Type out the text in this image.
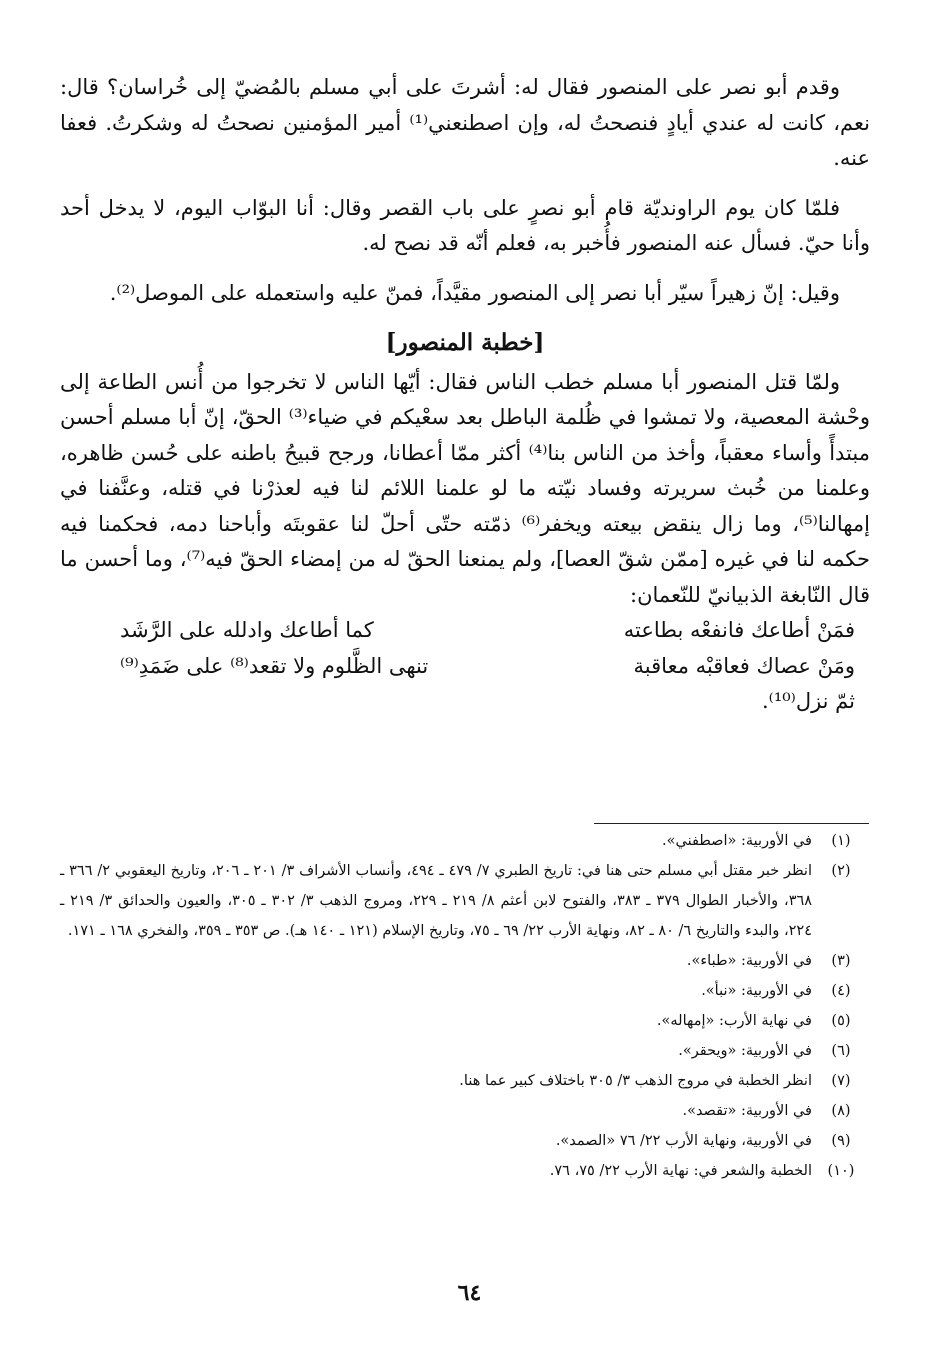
وقدم أبو نصر على المنصور فقال له: أشرتَ على أبي مسلم بالمُضيّ إلى خُراسان؟ قال: نعم، كانت له عندي أيادٍ فنصحتُ له، وإن اصطنعني⁽¹⁾ أمير المؤمنين نصحتُ له وشكرتُ. فعفا عنه.

فلمّا كان يوم الراونديّة قام أبو نصرٍ على باب القصر وقال: أنا البوّاب اليوم، لا يدخل أحد وأنا حيّ. فسأل عنه المنصور فأُخبر به، فعلم أنّه قد نصح له.

وقيل: إنّ زهيراً سيّر أبا نصر إلى المنصور مقيَّداً، فمنّ عليه واستعمله على الموصل⁽²⁾.

[خطبة المنصور]

ولمّا قتل المنصور أبا مسلم خطب الناس فقال: أيّها الناس لا تخرجوا من أُنس الطاعة إلى وحْشة المعصية، ولا تمشوا في ظُلمة الباطل بعد سعْيكم في ضياء⁽³⁾ الحقّ، إنّ أبا مسلم أحسن مبتدأً وأساء معقباً، وأخذ من الناس بنا⁽⁴⁾ أكثر ممّا أعطانا، ورجح قبيحُ باطنه على حُسن ظاهره، وعلمنا من خُبث سريرته وفساد نيّته ما لو علمنا اللائم لنا فيه لعذرْنا في قتله، وعنَّفنا في إمهالنا⁽⁵⁾، وما زال ينقض بيعته ويخفر⁽⁶⁾ ذمّته حتّى أحلّ لنا عقوبتَه وأباحنا دمه، فحكمنا فيه حكمه لنا في غيره [ممّن شقّ العصا]، ولم يمنعنا الحقّ له من إمضاء الحقّ فيه⁽⁷⁾، وما أحسن ما قال النّابغة الذبيانيّ للنّعمان:

فمَنْ أطاعك فانفعْه بطاعته
كما أطاعك وادلله على الرَّشَد
ومَنْ عصاك فعاقبْه معاقبة
تنهى الظَّلوم ولا تقعد⁽⁸⁾ على ضَمَدِ⁽⁹⁾
ثمّ نزل⁽¹⁰⁾.
(١)
في الأوربية: «اصطفني».
(٢)
انظر خبر مقتل أبي مسلم حتى هنا في: تاريخ الطبري ٧/ ٤٧٩ ـ ٤٩٤، وأنساب الأشراف ٣/ ٢٠١ ـ ٢٠٦، وتاريخ اليعقوبي ٢/ ٣٦٦ ـ ٣٦٨، والأخبار الطوال ٣٧٩ ـ ٣٨٣، والفتوح لابن أعثم ٨/ ٢١٩ ـ ٢٢٩، ومروج الذهب ٣/ ٣٠٢ ـ ٣٠٥، والعيون والحدائق ٣/ ٢١٩ ـ ٢٢٤، والبدء والتاريخ ٦/ ٨٠ ـ ٨٢، ونهاية الأرب ٢٢/ ٦٩ ـ ٧٥، وتاريخ الإسلام (١٢١ ـ ١٤٠ هـ). ص ٣٥٣ ـ ٣٥٩، والفخري ١٦٨ ـ ١٧١.
(٣)
في الأوربية: «طباء».
(٤)
في الأوربية: «نبأ».
(٥)
في نهاية الأرب: «إمهاله».
(٦)
في الأوربية: «ويحقر».
(٧)
انظر الخطبة في مروج الذهب ٣/ ٣٠٥ باختلاف كبير عما هنا.
(٨)
في الأوربية: «تقصد».
(٩)
في الأوربية، ونهاية الأرب ٢٢/ ٧٦ «الصمد».
(١٠)
الخطبة والشعر في: نهاية الأرب ٢٢/ ٧٥، ٧٦.
٦٤
